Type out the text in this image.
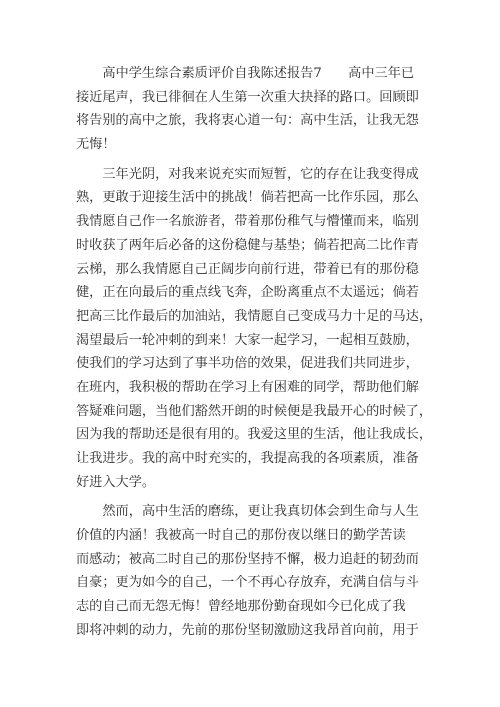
　　高中学生综合素质评价自我陈述报告7　　高中三年已
接近尾声，我已徘徊在人生第一次重大抉择的路口。回顾即
将告别的高中之旅，我将衷心道一句：高中生活，让我无怨
无悔！
　　三年光阴，对我来说充实而短暂，它的存在让我变得成
熟，更敢于迎接生活中的挑战！倘若把高一比作乐园，那么
我情愿自己作一名旅游者，带着那份稚气与懵懂而来，临别
时收获了两年后必备的这份稳健与基垫；倘若把高二比作青
云梯，那么我情愿自己正阔步向前行进，带着已有的那份稳
健，正在向最后的重点线飞奔，企盼离重点不太遥远；倘若
把高三比作最后的加油站，我情愿自己变成马力十足的马达，
渴望最后一轮冲刺的到来！大家一起学习，一起相互鼓励，
使我们的学习达到了事半功倍的效果，促进我们共同进步，
在班内，我积极的帮助在学习上有困难的同学，帮助他们解
答疑难问题，当他们豁然开朗的时候便是我最开心的时候了，
因为我的帮助还是很有用的。我爱这里的生活，他让我成长，
让我进步。我的高中时充实的，我提高我的各项素质，准备
好进入大学。
　　然而，高中生活的磨练，更让我真切体会到生命与人生
价值的内涵！我被高一时自己的那份夜以继日的勤学苦读
而感动；被高二时自己的那份坚持不懈，极力追赶的韧劲而
自豪；更为如今的自己，一个不再心存放弃，充满自信与斗
志的自己而无怨无悔！曾经地那份勤奋现如今已化成了我
即将冲刺的动力，先前的那份坚韧激励这我昂首向前，用于
